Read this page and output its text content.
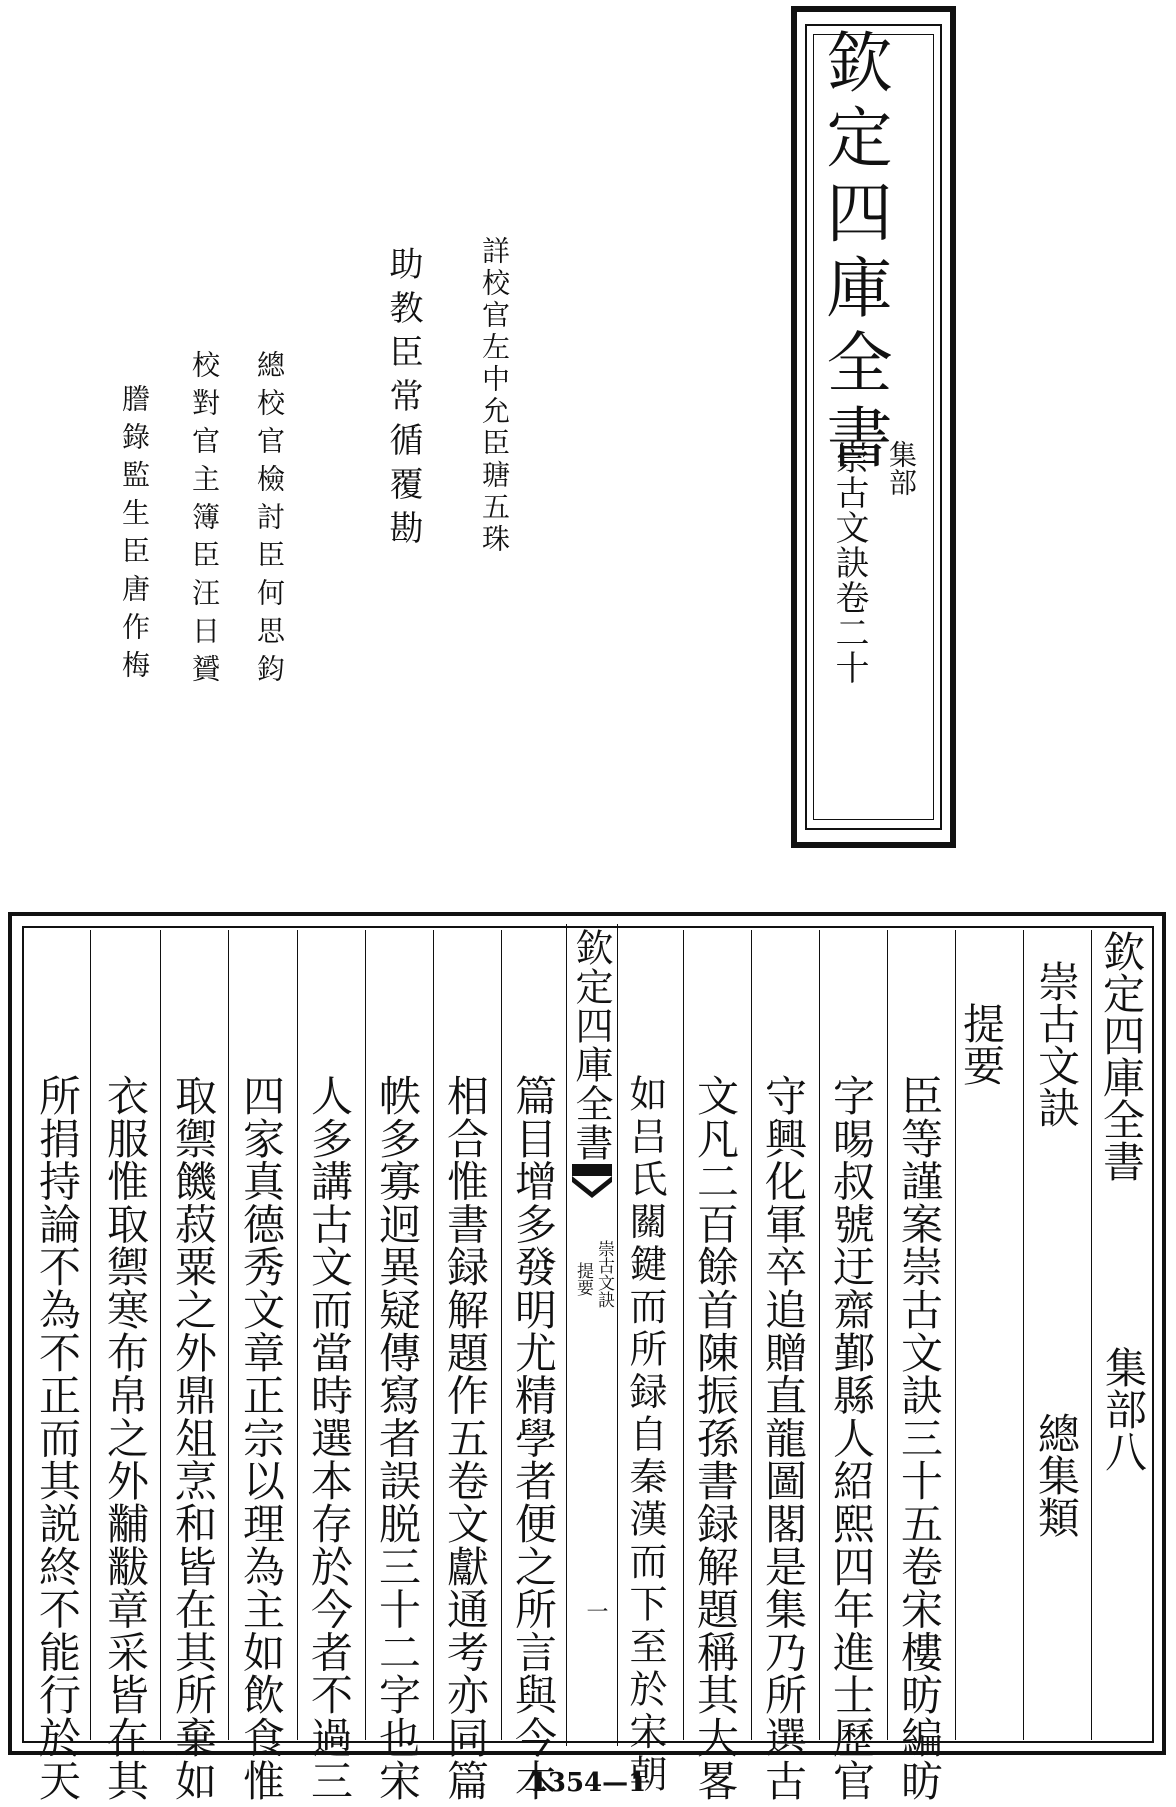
欽定四庫全書
集部
崇古文訣卷二十
詳校官左中允臣瑭五珠
助教臣常循覆勘
總校官檢討臣何思鈞
校對官主簿臣汪日贇
謄錄監生臣唐作梅
欽定四庫全書
崇古文訣
提要
一
欽定四庫全書
集部八
崇古文訣
總集類
提要
臣等謹案崇古文訣三十五卷宋樓昉編昉
字晹叔號迂齋鄞縣人紹熙四年進士歷官
守興化軍卒追贈直龍圖閣是集乃所選古
文凡二百餘首陳振孫書録解題稱其大畧
如吕氏關鍵而所録自秦漢而下至於宋朝
篇目增多發明尤精學者便之所言與今本
相合惟書録解題作五卷文獻通考亦同篇
帙多寡迥異疑傳寫者誤脱三十二字也宋
人多講古文而當時選本存於今者不過三
四家真德秀文章正宗以理為主如飲食惟
取禦饑菽粟之外鼎俎烹和皆在其所棄如
衣服惟取禦寒布帛之外黼黻章采皆在其
所捐持論不為不正而其説終不能行於天	1354—1
